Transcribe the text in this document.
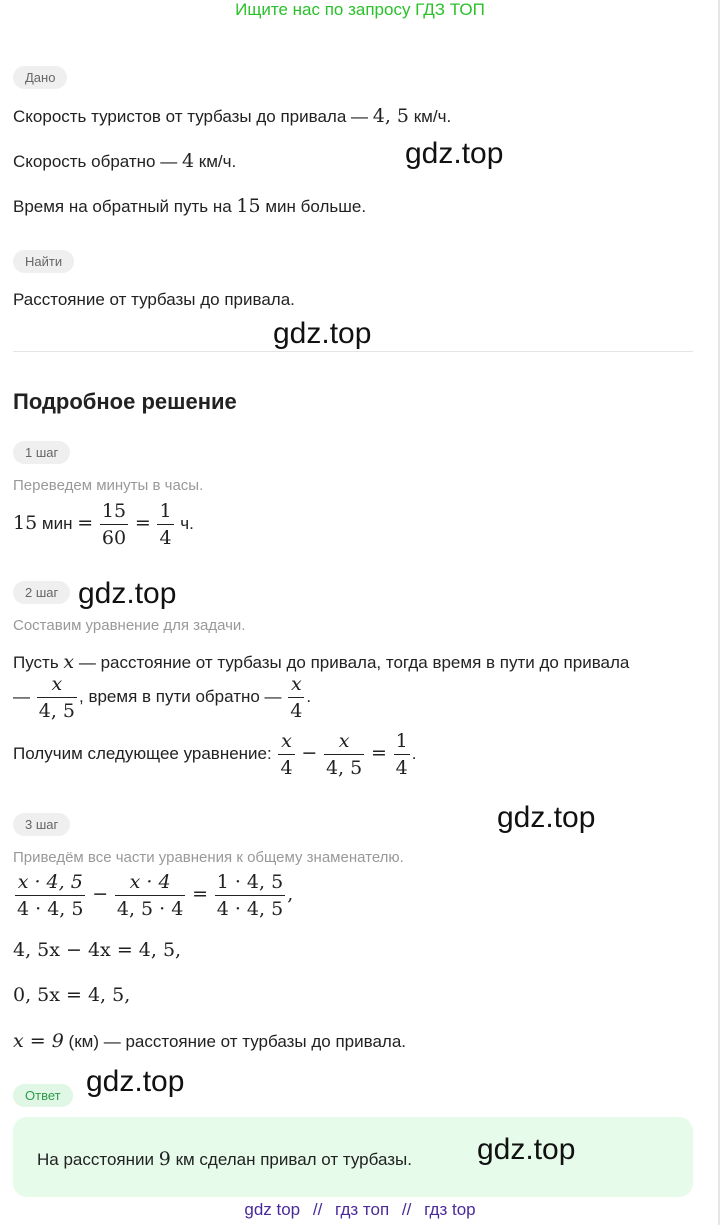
Ищите нас по запросу ГДЗ ТОП
Дано
Скорость туристов от турбазы до привала — 4, 5 км/ч.
Скорость обратно — 4 км/ч.	gdz.top
Время на обратный путь на 15 мин больше.
Найти
Расстояние от турбазы до привала.
gdz.top
Подробное решение
1 шаг
Переведем минуты в часы.
15 мин = $\frac{15}{60} = \frac{1}{4} ч$.
2 шаг gdz.top
Составим уравнение для задачи.
Пусть x — расстояние от турбазы до привала, тогда время в пути до привала
— $\frac{x}{4, 5}$ , время в пути обратно — $\frac{x}{4}$ .
Получим следующее уравнение: $\frac{x}{4} - \frac{x}{4, 5} = \frac{1}{4}$ .
3 шаг	gdz.top
Приведём все части уравнения к общему знаменателю.
$\frac{x \cdot 4, 5}{4 \cdot 4, 5} - \frac{x \cdot 4}{4, 5 \cdot 4} = \frac{1 \cdot 4, 5}{4 \cdot 4, 5}$ ,
4, 5x − 4x = 4, 5,
0, 5x = 4, 5,
x = 9 (км) — расстояние от турбазы до привала.
Ответ gdz.top
На расстоянии 9 км сделан привал от турбазы. gdz.top
gdz top // гдз топ // гдз top
